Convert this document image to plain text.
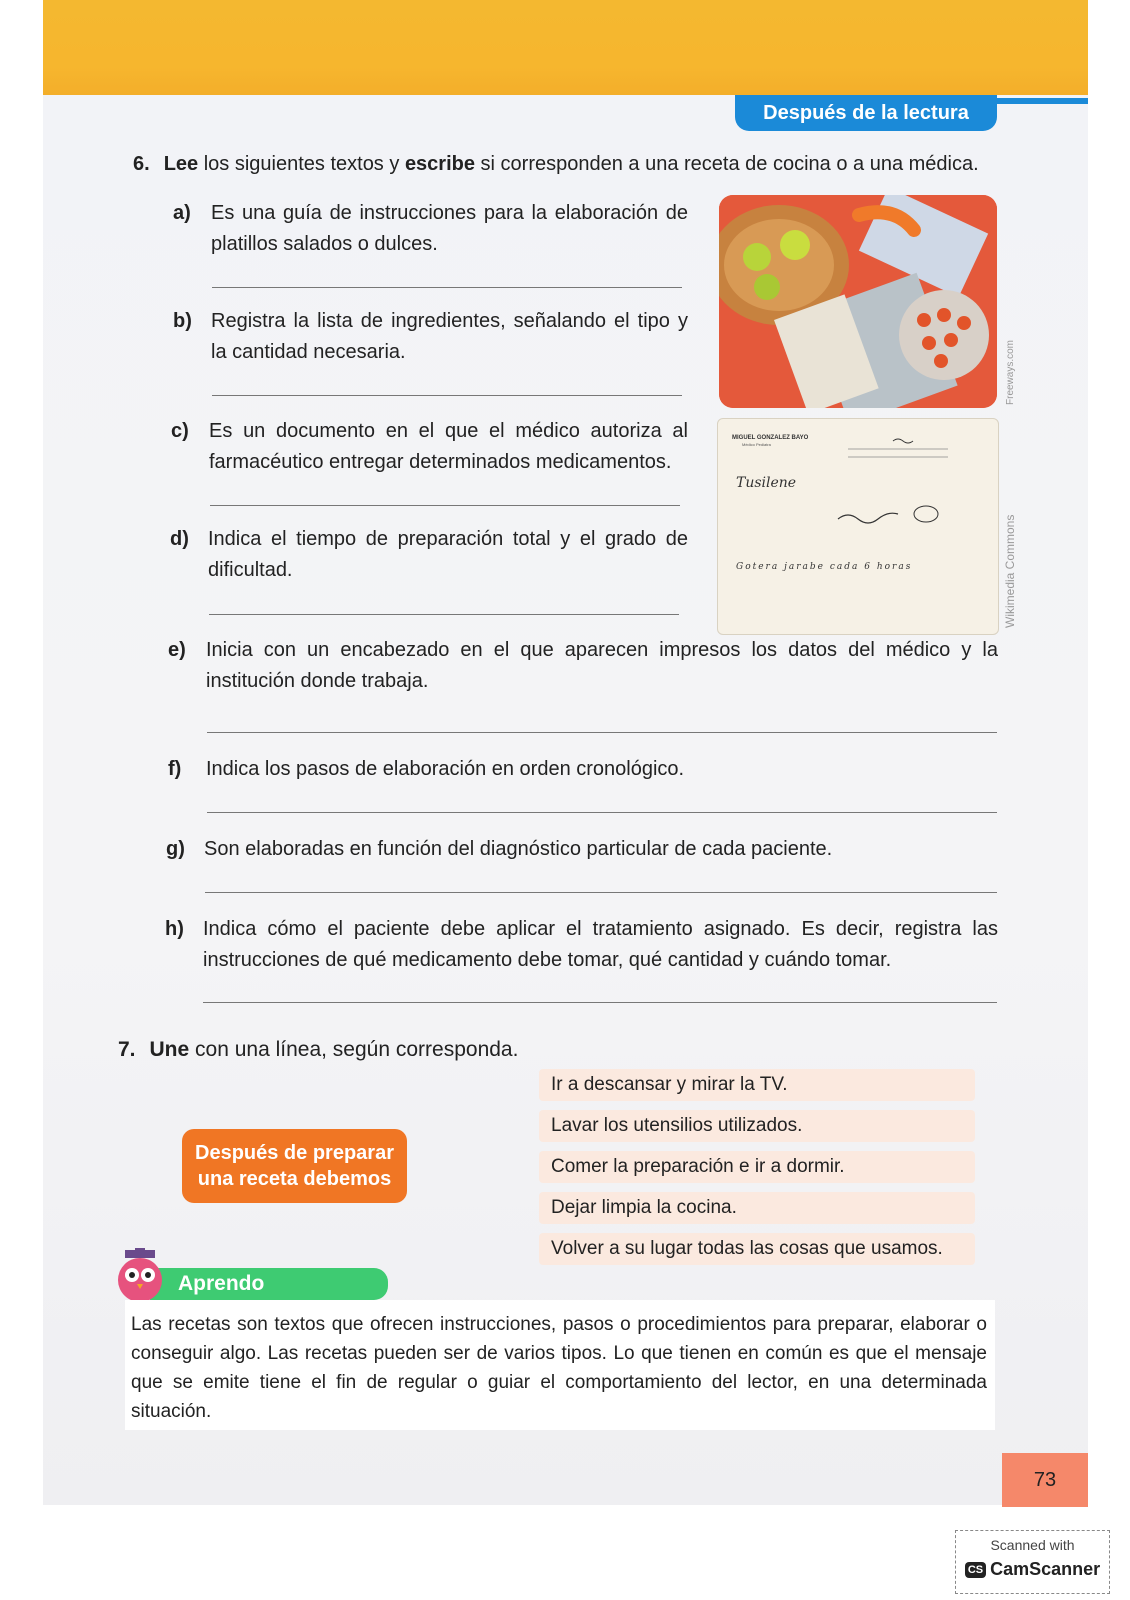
Después de la lectura
6. Lee los siguientes textos y escribe si corresponden a una receta de cocina o a una médica.
a) Es una guía de instrucciones para la elaboración de platillos salados o dulces.
b) Registra la lista de ingredientes, señalando el tipo y la cantidad necesaria.
c) Es un documento en el que el médico autoriza al farmacéutico entregar determinados medicamentos.
d) Indica el tiempo de preparación total y el grado de dificultad.
MIGUEL GONZALEZ BAYO
Médico Pediatra
Tusilene
Gotera jarabe cada 6 horas
Freeways.com
Wikimedia Commons
e) Inicia con un encabezado en el que aparecen impresos los datos del médico y la institución donde trabaja.
f) Indica los pasos de elaboración en orden cronológico.
g) Son elaboradas en función del diagnóstico particular de cada paciente.
h) Indica cómo el paciente debe aplicar el tratamiento asignado. Es decir, registra las instrucciones de qué medicamento debe tomar, qué cantidad y cuándo tomar.
7. Une con una línea, según corresponda.
Después de preparar una receta debemos
Ir a descansar y mirar la TV.
Lavar los utensilios utilizados.
Comer la preparación e ir a dormir.
Dejar limpia la cocina.
Volver a su lugar todas las cosas que usamos.
Aprendo
Las recetas son textos que ofrecen instrucciones, pasos o procedimientos para preparar, elaborar o conseguir algo. Las recetas pueden ser de varios tipos. Lo que tienen en común es que el mensaje que se emite tiene el fin de regular o guiar el comportamiento del lector, en una determinada situación.
73
Scanned with
CS CamScanner
